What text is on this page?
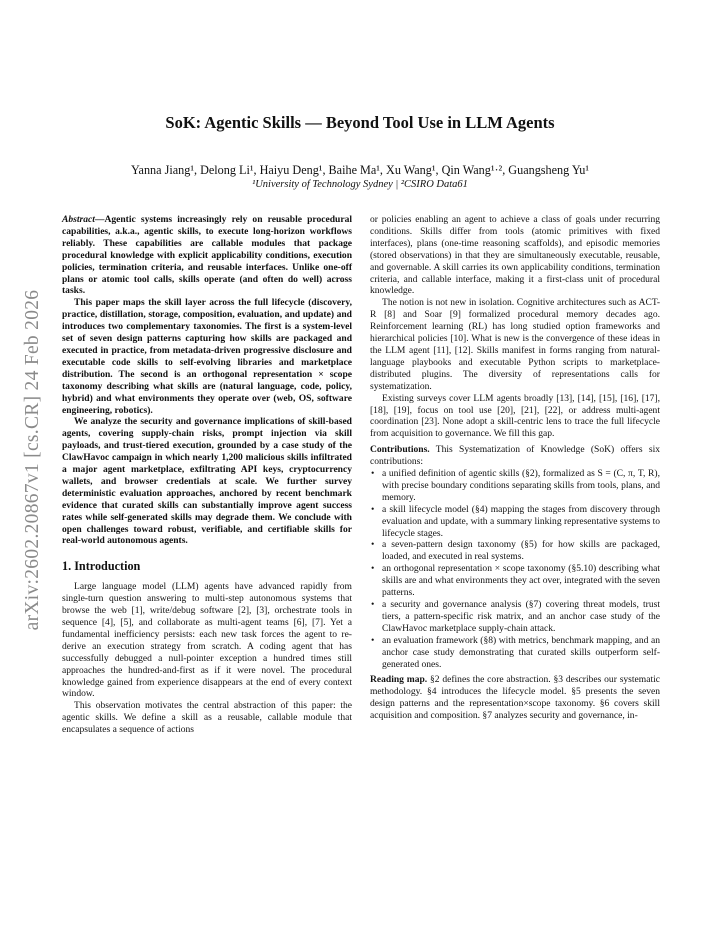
arXiv:2602.20867v1 [cs.CR] 24 Feb 2026
SoK: Agentic Skills — Beyond Tool Use in LLM Agents
Yanna Jiang¹, Delong Li¹, Haiyu Deng¹, Baihe Ma¹, Xu Wang¹, Qin Wang¹·², Guangsheng Yu¹
¹University of Technology Sydney | ²CSIRO Data61

Abstract—Agentic systems increasingly rely on reusable procedural capabilities, a.k.a., agentic skills, to execute long-horizon workflows reliably. These capabilities are callable modules that package procedural knowledge with explicit applicability conditions, execution policies, termination criteria, and reusable interfaces. Unlike one-off plans or atomic tool calls, skills operate (and often do well) across tasks.

This paper maps the skill layer across the full lifecycle (discovery, practice, distillation, storage, composition, evaluation, and update) and introduces two complementary taxonomies. The first is a system-level set of seven design patterns capturing how skills are packaged and executed in practice, from metadata-driven progressive disclosure and executable code skills to self-evolving libraries and marketplace distribution. The second is an orthogonal representation × scope taxonomy describing what skills are (natural language, code, policy, hybrid) and what environments they operate over (web, OS, software engineering, robotics).

We analyze the security and governance implications of skill-based agents, covering supply-chain risks, prompt injection via skill payloads, and trust-tiered execution, grounded by a case study of the ClawHavoc campaign in which nearly 1,200 malicious skills infiltrated a major agent marketplace, exfiltrating API keys, cryptocurrency wallets, and browser credentials at scale. We further survey deterministic evaluation approaches, anchored by recent benchmark evidence that curated skills can substantially improve agent success rates while self-generated skills may degrade them. We conclude with open challenges toward robust, verifiable, and certifiable skills for real-world autonomous agents.

1. Introduction

Large language model (LLM) agents have advanced rapidly from single-turn question answering to multi-step autonomous systems that browse the web [1], write/debug software [2], [3], orchestrate tools in sequence [4], [5], and collaborate as multi-agent teams [6], [7]. Yet a fundamental inefficiency persists: each new task forces the agent to re-derive an execution strategy from scratch. A coding agent that has successfully debugged a null-pointer exception a hundred times still approaches the hundred-and-first as if it were novel. The procedural knowledge gained from experience disappears at the end of every context window.

This observation motivates the central abstraction of this paper: the agentic skills. We define a skill as a reusable, callable module that encapsulates a sequence of actions

or policies enabling an agent to achieve a class of goals under recurring conditions. Skills differ from tools (atomic primitives with fixed interfaces), plans (one-time reasoning scaffolds), and episodic memories (stored observations) in that they are simultaneously executable, reusable, and governable. A skill carries its own applicability conditions, termination criteria, and callable interface, making it a first-class unit of procedural knowledge.

The notion is not new in isolation. Cognitive architectures such as ACT-R [8] and Soar [9] formalized procedural memory decades ago. Reinforcement learning (RL) has long studied option frameworks and hierarchical policies [10]. What is new is the convergence of these ideas in the LLM agent [11], [12]. Skills manifest in forms ranging from natural-language playbooks and executable Python scripts to marketplace-distributed plugins. The diversity of representations calls for systematization.

Existing surveys cover LLM agents broadly [13], [14], [15], [16], [17], [18], [19], focus on tool use [20], [21], [22], or address multi-agent coordination [23]. None adopt a skill-centric lens to trace the full lifecycle from acquisition to governance. We fill this gap.

Contributions. This Systematization of Knowledge (SoK) offers six contributions:

• a unified definition of agentic skills (§2), formalized as S = (C, π, T, R), with precise boundary conditions separating skills from tools, plans, and memory.
• a skill lifecycle model (§4) mapping the stages from discovery through evaluation and update, with a summary linking representative systems to lifecycle stages.
• a seven-pattern design taxonomy (§5) for how skills are packaged, loaded, and executed in real systems.
• an orthogonal representation × scope taxonomy (§5.10) describing what skills are and what environments they act over, integrated with the seven patterns.
• a security and governance analysis (§7) covering threat models, trust tiers, a pattern-specific risk matrix, and an anchor case study of the ClawHavoc marketplace supply-chain attack.
• an evaluation framework (§8) with metrics, benchmark mapping, and an anchor case study demonstrating that curated skills outperform self-generated ones.

Reading map. §2 defines the core abstraction. §3 describes our systematic methodology. §4 introduces the lifecycle model. §5 presents the seven design patterns and the representation×scope taxonomy. §6 covers skill acquisition and composition. §7 analyzes security and governance, in-
